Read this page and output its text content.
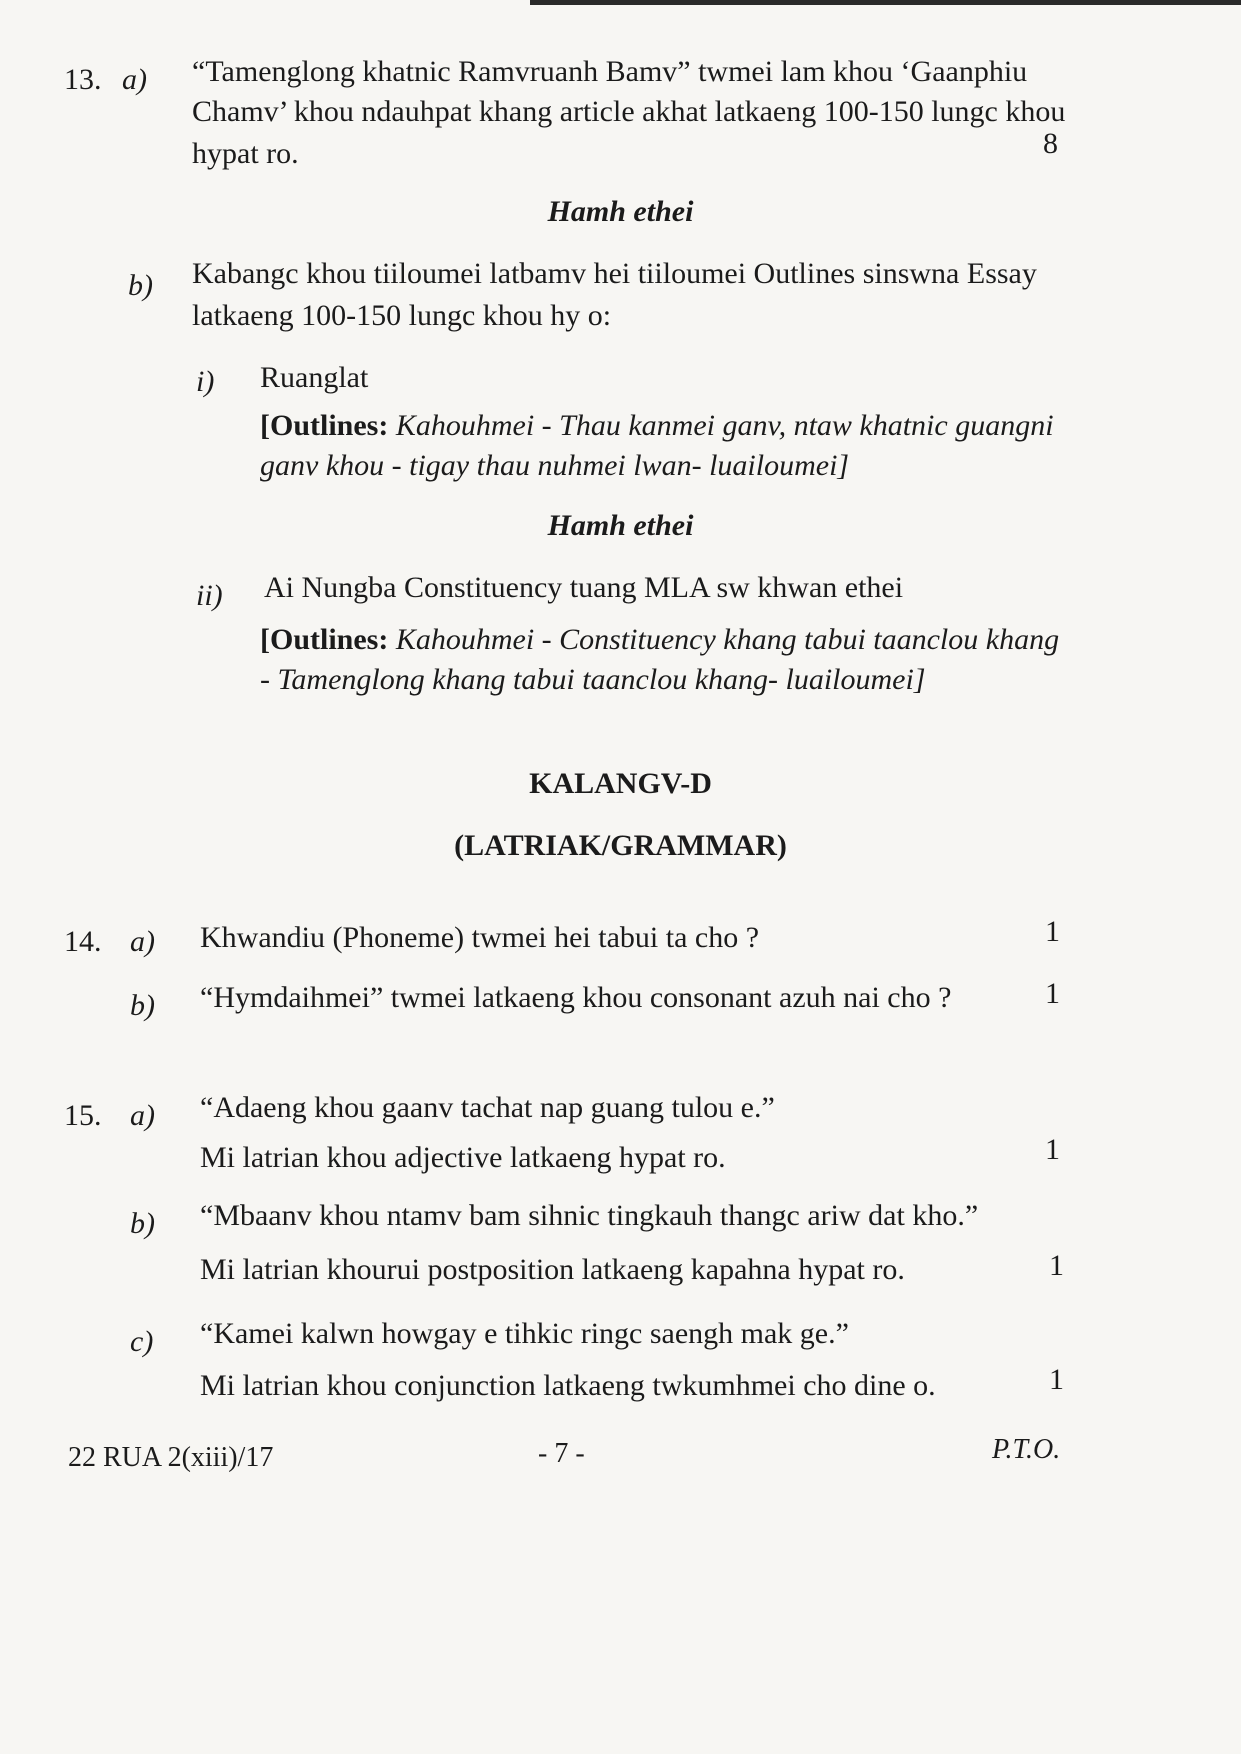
13. a) “Tamenglong khatnic Ramvruanh Bamv” twmei lam khou ‘Gaanphiu
Chamv’ khou ndauhpat khang article akhat latkaeng 100-150 lungc khou
hypat ro.	8
Hamh ethei
b) Kabangc khou tiiloumei latbamv hei tiiloumei Outlines sinswna Essay
latkaeng 100-150 lungc khou hy o:
i) Ruanglat
[Outlines: Kahouhmei - Thau kanmei ganv, ntaw khatnic guangni
ganv khou - tigay thau nuhmei lwan- luailoumei]
Hamh ethei
ii) Ai Nungba Constituency tuang MLA sw khwan ethei
[Outlines: Kahouhmei - Constituency khang tabui taanclou khang
- Tamenglong khang tabui taanclou khang- luailoumei]
KALANGV-D
(LATRIAK/GRAMMAR)
14. a) Khwandiu (Phoneme) twmei hei tabui ta cho ?	1
b) “Hymdaihmei” twmei latkaeng khou consonant azuh nai cho ?	1
15. a) “Adaeng khou gaanv tachat nap guang tulou e.”
Mi latrian khou adjective latkaeng hypat ro.	1
b) “Mbaanv khou ntamv bam sihnic tingkauh thangc ariw dat kho.”
Mi latrian khourui postposition latkaeng kapahna hypat ro.	1
c) “Kamei kalwn howgay e tihkic ringc saengh mak ge.”
Mi latrian khou conjunction latkaeng twkumhmei cho dine o.	1
22 RUA 2(xiii)/17	- 7 -	P.T.O.
